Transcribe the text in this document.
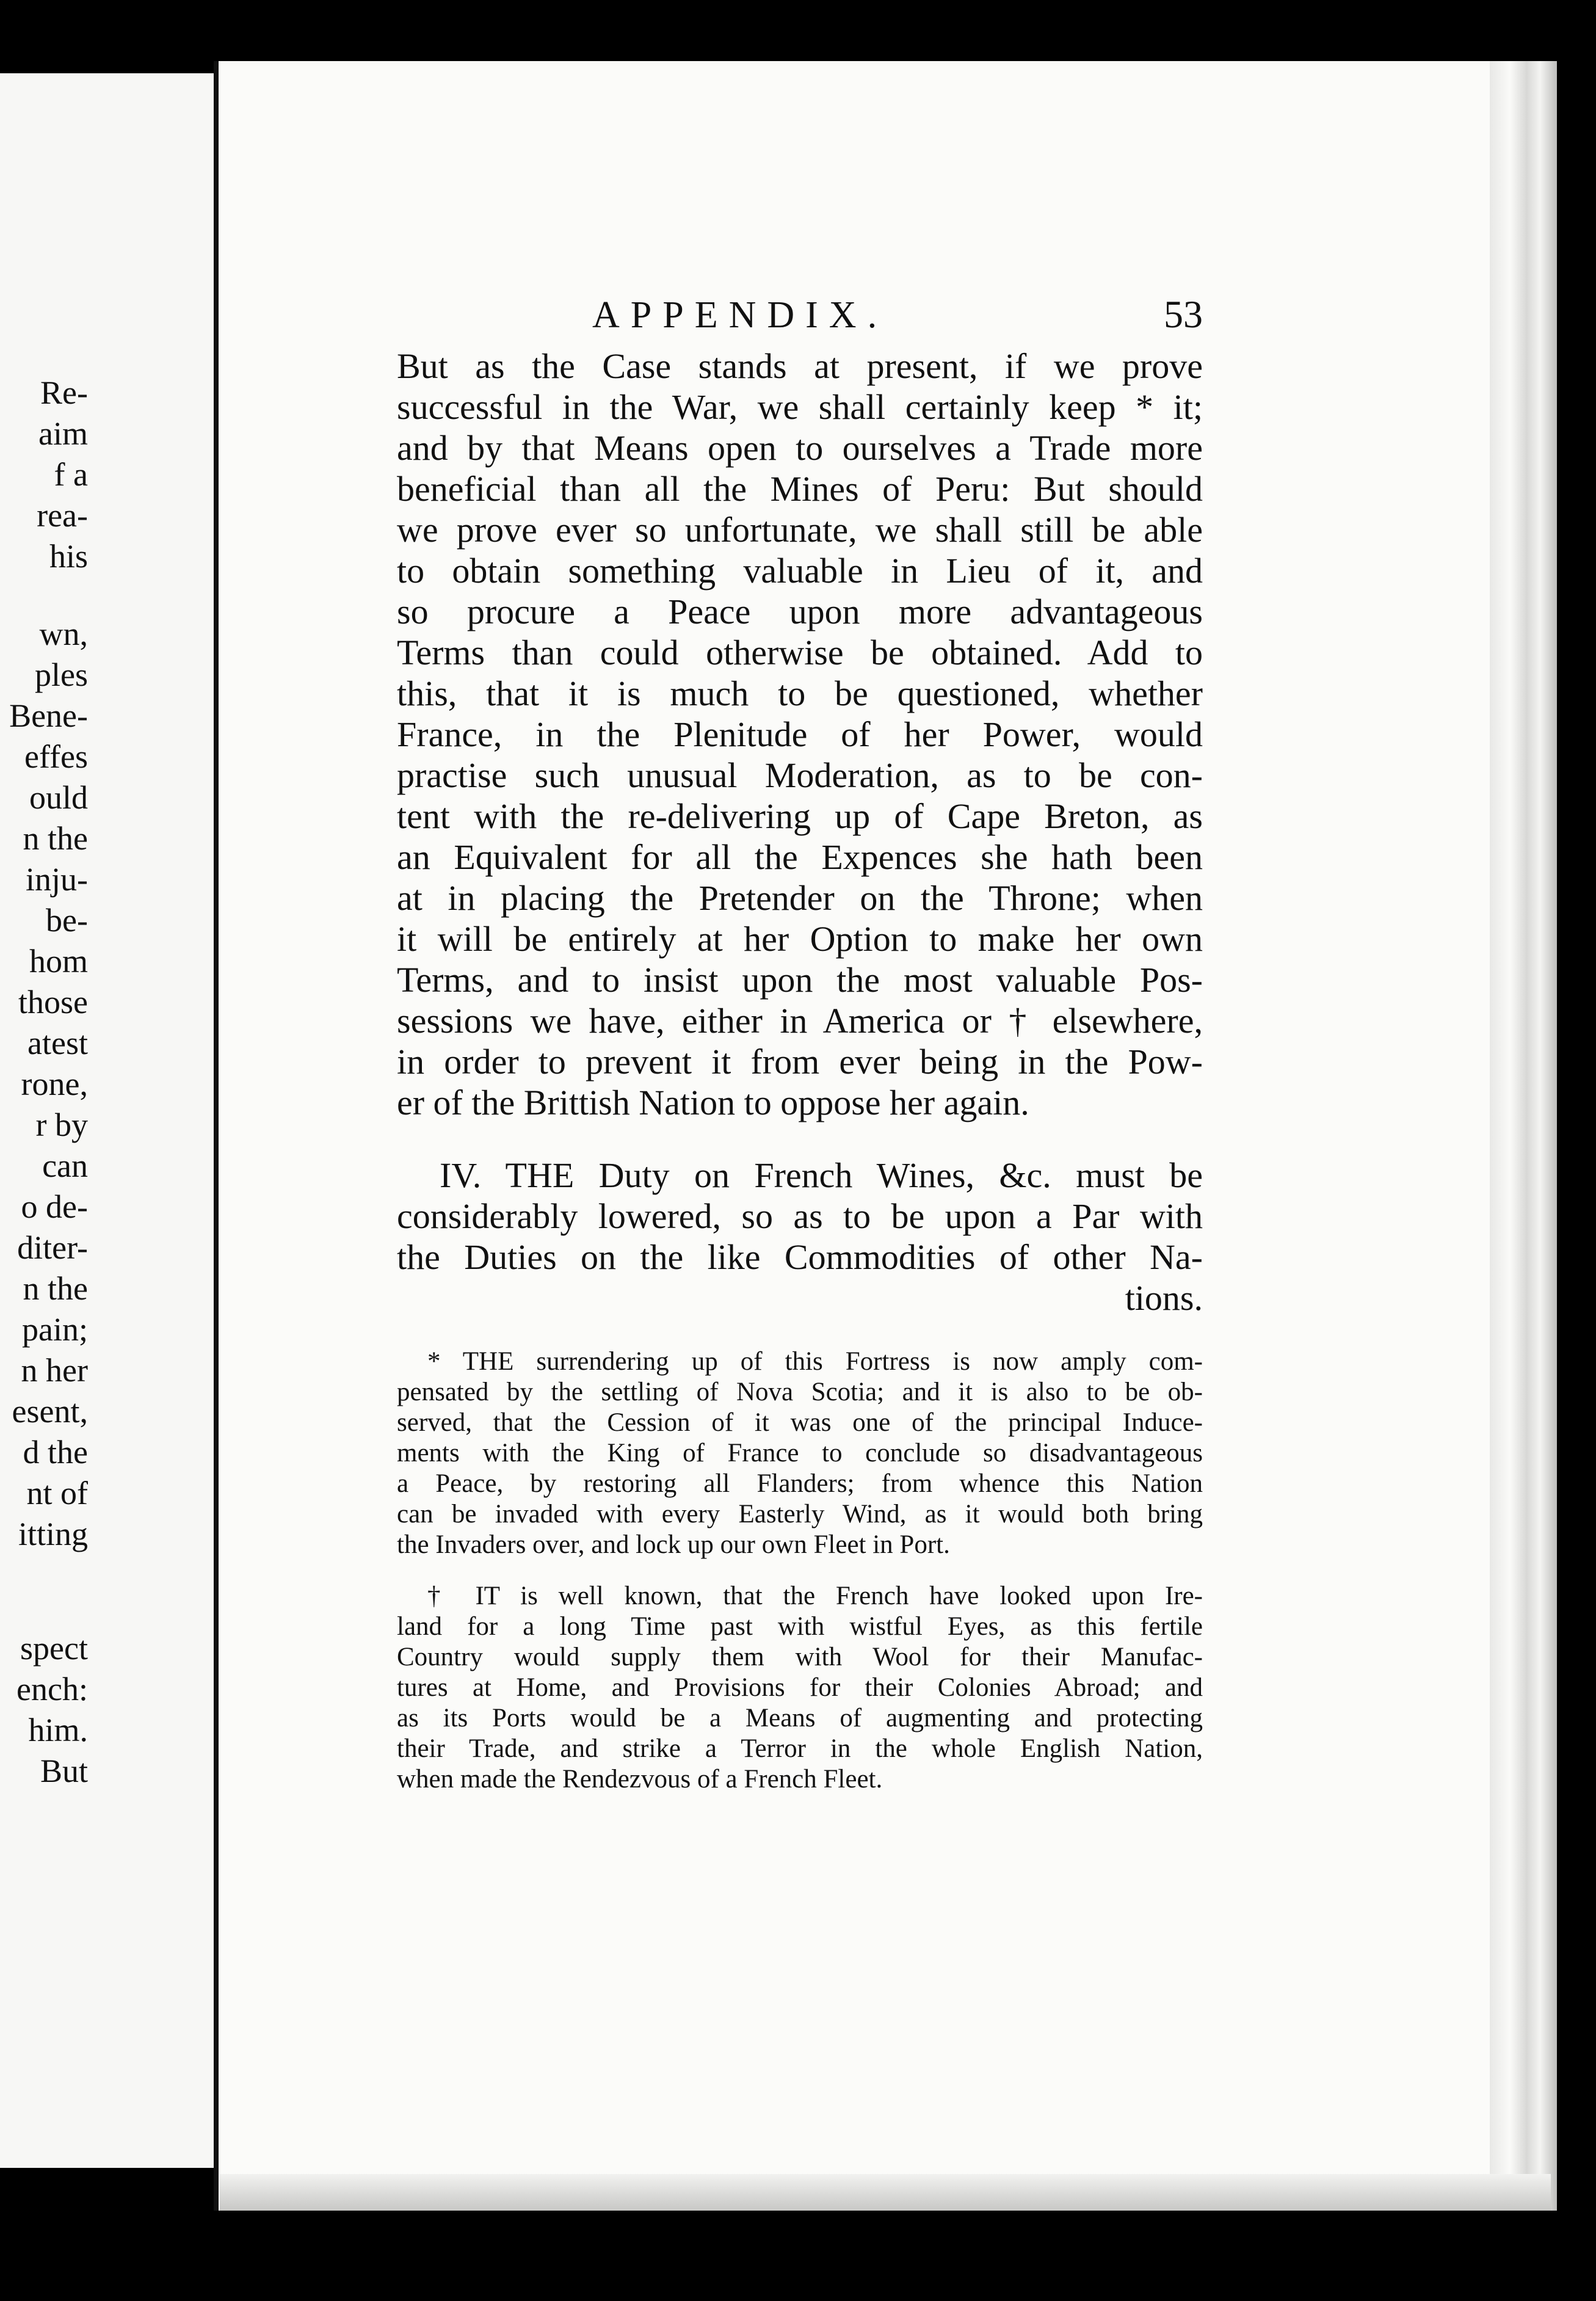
Re-
aim
f a
rea-
his
wn,
ples
Bene-
effes
ould
n the
inju-
be-
hom
those
atest
rone,
r by
can
o de-
diter-
n the
pain;
n her
esent,
d the
nt of
itting
spect
ench:
him.
But
APPENDIX.	53

But as the Case stands at present, if we prove

successful in the War, we shall certainly keep * it;

and by that Means open to ourselves a Trade more

beneficial than all the Mines of Peru: But should

we prove ever so unfortunate, we shall still be able

to obtain something valuable in Lieu of it, and

so procure a Peace upon more advantageous

Terms than could otherwise be obtained. Add to

this, that it is much to be questioned, whether

France, in the Plenitude of her Power, would

practise such unusual Moderation, as to be con-

tent with the re-delivering up of Cape Breton, as

an Equivalent for all the Expences she hath been

at in placing the Pretender on the Throne; when

it will be entirely at her Option to make her own

Terms, and to insist upon the most valuable Pos-

sessions we have, either in America or † elsewhere,

in order to prevent it from ever being in the Pow-

er of the Brittish Nation to oppose her again.

IV. THE Duty on French Wines, &c. must be

considerably lowered, so as to be upon a Par with

the Duties on the like Commodities of other Na-

tions.

* THE surrendering up of this Fortress is now amply com-

pensated by the settling of Nova Scotia; and it is also to be ob-

served, that the Cession of it was one of the principal Induce-

ments with the King of France to conclude so disadvantageous

a Peace, by restoring all Flanders; from whence this Nation

can be invaded with every Easterly Wind, as it would both bring

the Invaders over, and lock up our own Fleet in Port.

† IT is well known, that the French have looked upon Ire-

land for a long Time past with wistful Eyes, as this fertile

Country would supply them with Wool for their Manufac-

tures at Home, and Provisions for their Colonies Abroad; and

as its Ports would be a Means of augmenting and protecting

their Trade, and strike a Terror in the whole English Nation,

when made the Rendezvous of a French Fleet.
